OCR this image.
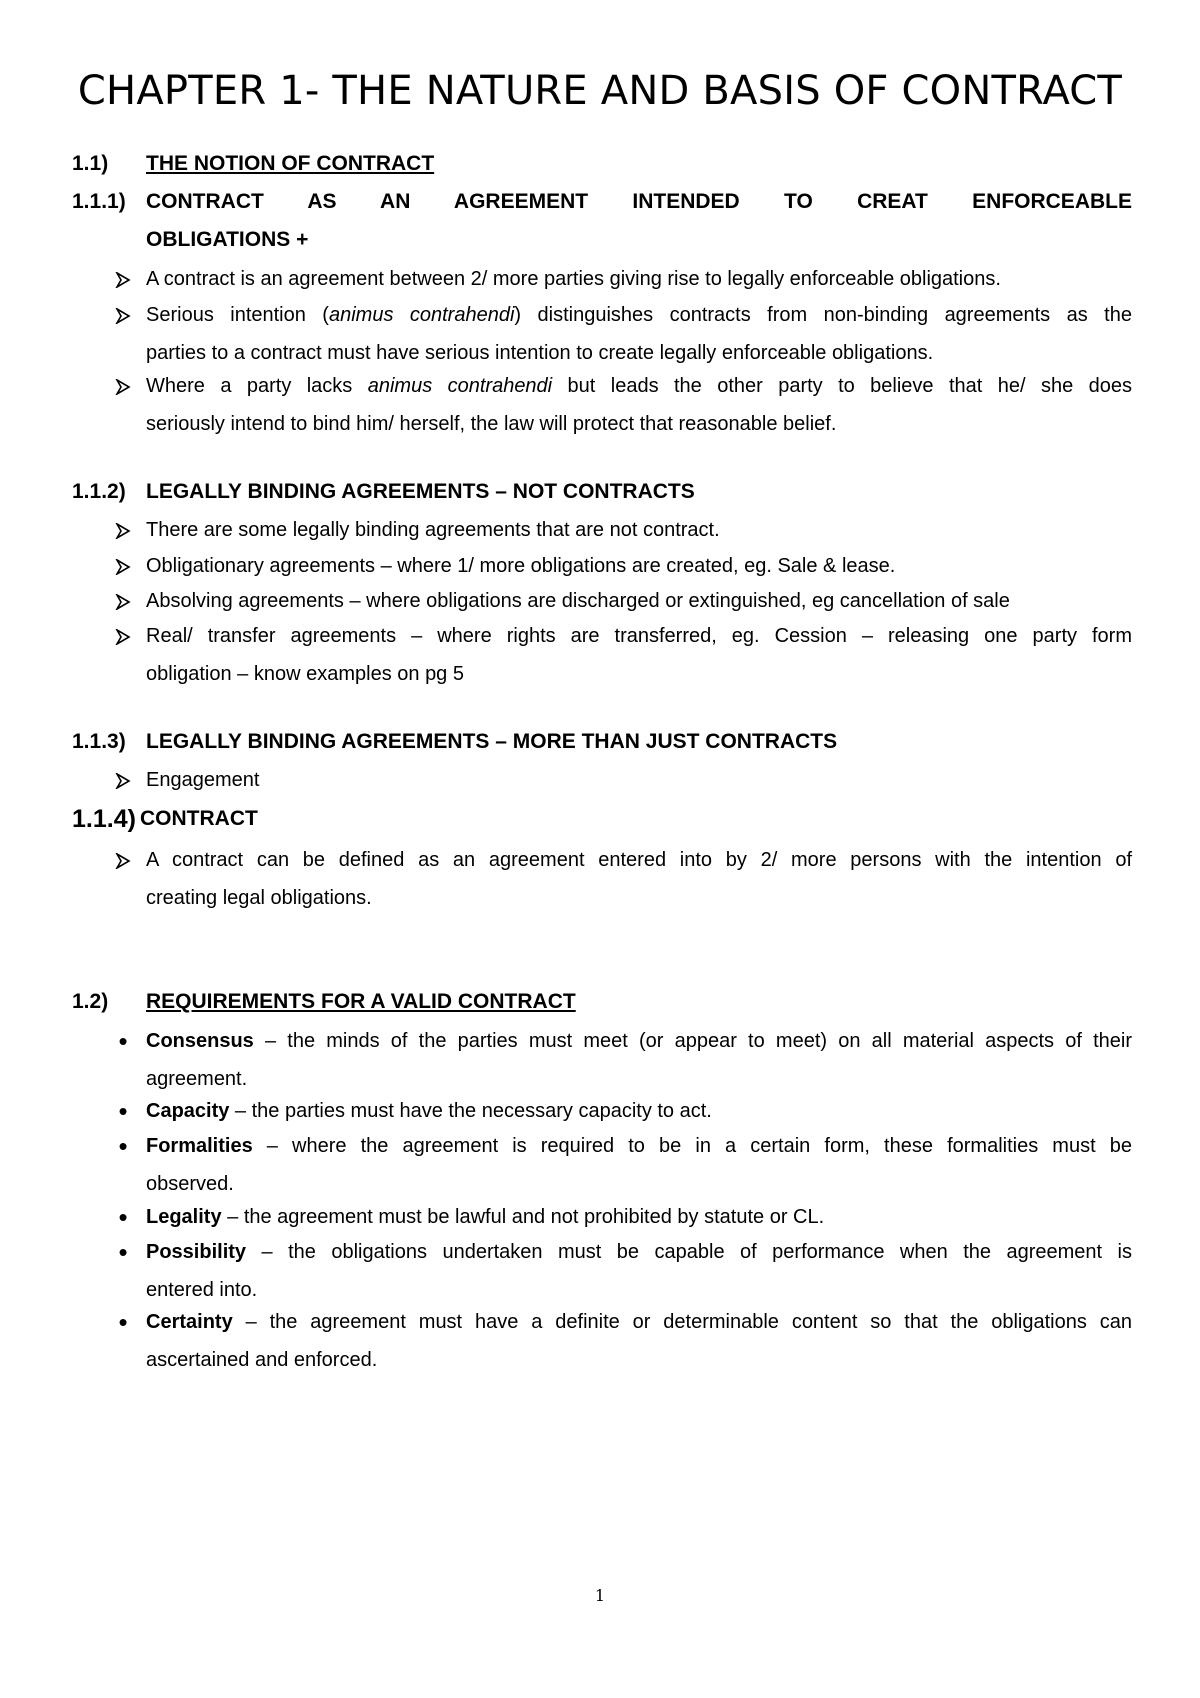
CHAPTER 1- THE NATURE AND BASIS OF CONTRACT
1.1) THE NOTION OF CONTRACT
1.1.1) CONTRACT AS AN AGREEMENT INTENDED TO CREAT ENFORCEABLE
OBLIGATIONS +
A contract is an agreement between 2/ more parties giving rise to legally enforceable obligations.
Serious intention (animus contrahendi) distinguishes contracts from non-binding agreements as the
parties to a contract must have serious intention to create legally enforceable obligations.
Where a party lacks animus contrahendi but leads the other party to believe that he/ she does
seriously intend to bind him/ herself, the law will protect that reasonable belief.
1.1.2) LEGALLY BINDING AGREEMENTS – NOT CONTRACTS
There are some legally binding agreements that are not contract.
Obligationary agreements – where 1/ more obligations are created, eg. Sale & lease.
Absolving agreements – where obligations are discharged or extinguished, eg cancellation of sale
Real/ transfer agreements – where rights are transferred, eg. Cession – releasing one party form
obligation – know examples on pg 5
1.1.3) LEGALLY BINDING AGREEMENTS – MORE THAN JUST CONTRACTS
Engagement
1.1.4) CONTRACT
A contract can be defined as an agreement entered into by 2/ more persons with the intention of
creating legal obligations.
1.2) REQUIREMENTS FOR A VALID CONTRACT
• Consensus – the minds of the parties must meet (or appear to meet) on all material aspects of their
agreement.
• Capacity – the parties must have the necessary capacity to act.
• Formalities – where the agreement is required to be in a certain form, these formalities must be
observed.
• Legality – the agreement must be lawful and not prohibited by statute or CL.
• Possibility – the obligations undertaken must be capable of performance when the agreement is
entered into.
• Certainty – the agreement must have a definite or determinable content so that the obligations can
ascertained and enforced.
1
